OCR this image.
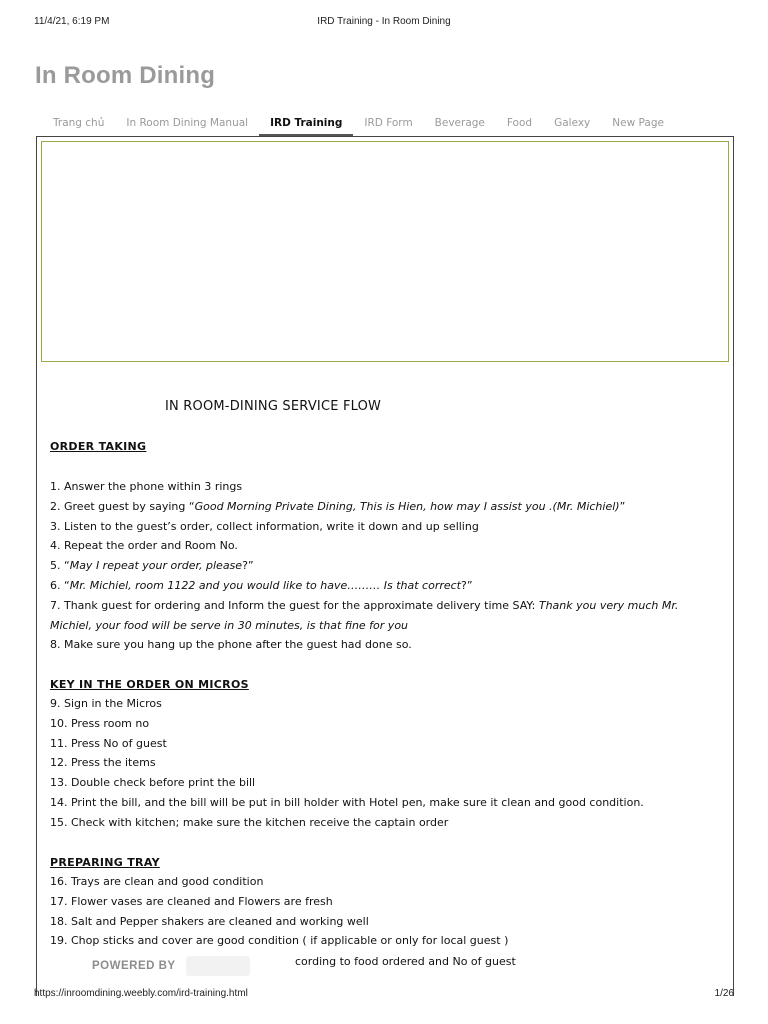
11/4/21, 6:19 PM	IRD Training - In Room Dining
In Room Dining
Trang chủ	In Room Dining Manual	IRD Training	IRD Form	Beverage	Food	Galexy	New Page
IN ROOM-DINING SERVICE FLOW
ORDER TAKING
1. Answer the phone within 3 rings
2. Greet guest by saying “Good Morning Private Dining, This is Hien, how may I assist you .(Mr. Michiel)”
3. Listen to the guest’s order, collect information, write it down and up selling
4. Repeat the order and Room No.
5. “May I repeat your order, please?”
6. “Mr. Michiel, room 1122 and you would like to have……… Is that correct?”
7. Thank guest for ordering and Inform the guest for the approximate delivery time SAY: Thank you very much Mr.
Michiel, your food will be serve in 30 minutes, is that fine for you
8. Make sure you hang up the phone after the guest had done so.
KEY IN THE ORDER ON MICROS
9. Sign in the Micros
10. Press room no
11. Press No of guest
12. Press the items
13. Double check before print the bill
14. Print the bill, and the bill will be put in bill holder with Hotel pen, make sure it clean and good condition.
15. Check with kitchen; make sure the kitchen receive the captain order
PREPARING TRAY
16. Trays are clean and good condition
17. Flower vases are cleaned and Flowers are fresh
18. Salt and Pepper shakers are cleaned and working well
19. Chop sticks and cover are good condition ( if applicable or only for local guest )
POWERED BY	cording to food ordered and No of guest
https://inroomdining.weebly.com/ird-training.html	1/26
